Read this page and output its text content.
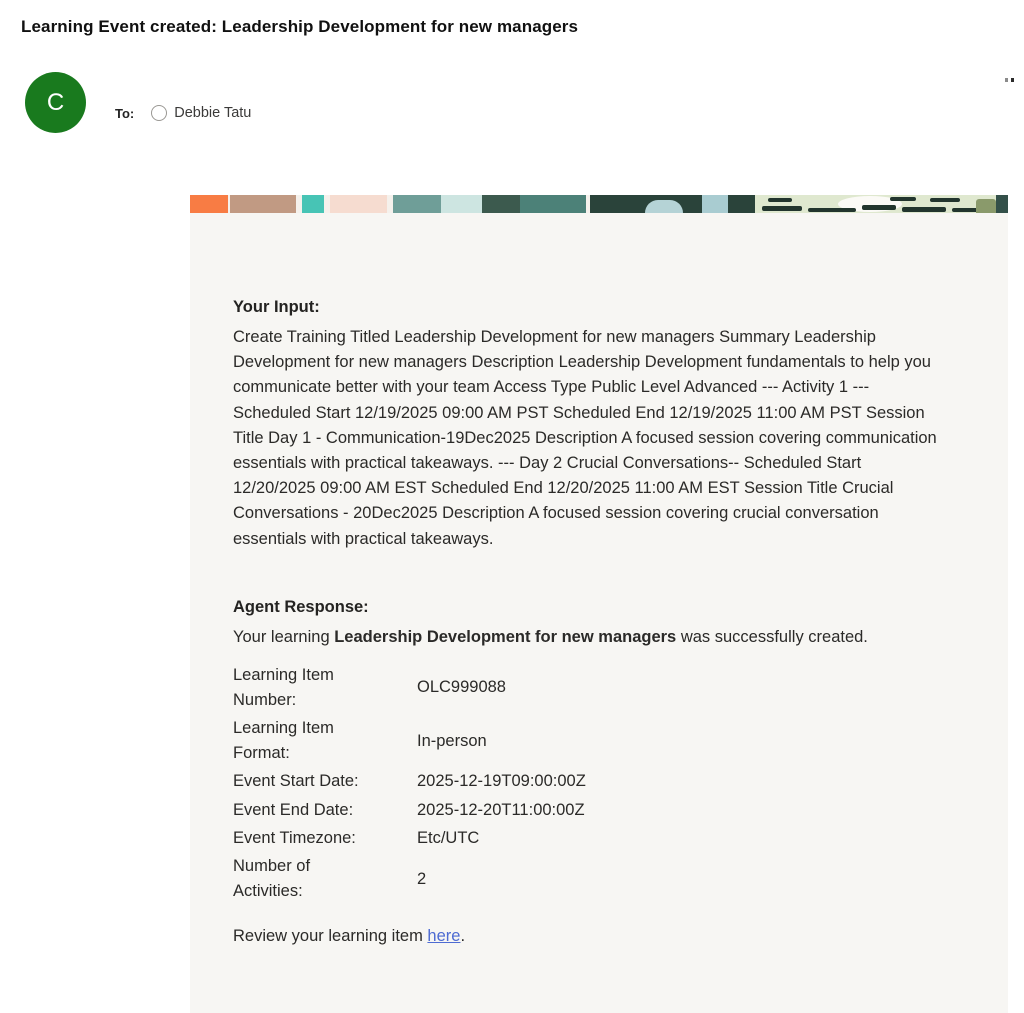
Learning Event created: Leadership Development for new managers
C	To:	Debbie Tatu

Your Input:

Create Training Titled Leadership Development for new managers Summary Leadership Development for new managers Description Leadership Development fundamentals to help you communicate better with your team Access Type Public Level Advanced --- Activity 1 --- Scheduled Start 12/19/2025 09:00 AM PST Scheduled End 12/19/2025 11:00 AM PST Session Title Day 1 - Communication-19Dec2025 Description A focused session covering communication essentials with practical takeaways. --- Day 2 Crucial Conversations-- Scheduled Start 12/20/2025 09:00 AM EST Scheduled End 12/20/2025 11:00 AM EST Session Title Crucial Conversations - 20Dec2025 Description A focused session covering crucial conversation essentials with practical takeaways.

Agent Response:

Your learning Leadership Development for new managers was successfully created.

Learning Item Number:
OLC999088
Learning Item Format:
In-person
Event Start Date:	2025-12-19T09:00:00Z
Event End Date:	2025-12-20T11:00:00Z
Event Timezone:	Etc/UTC
Number of Activities:
2

Review your learning item here.
